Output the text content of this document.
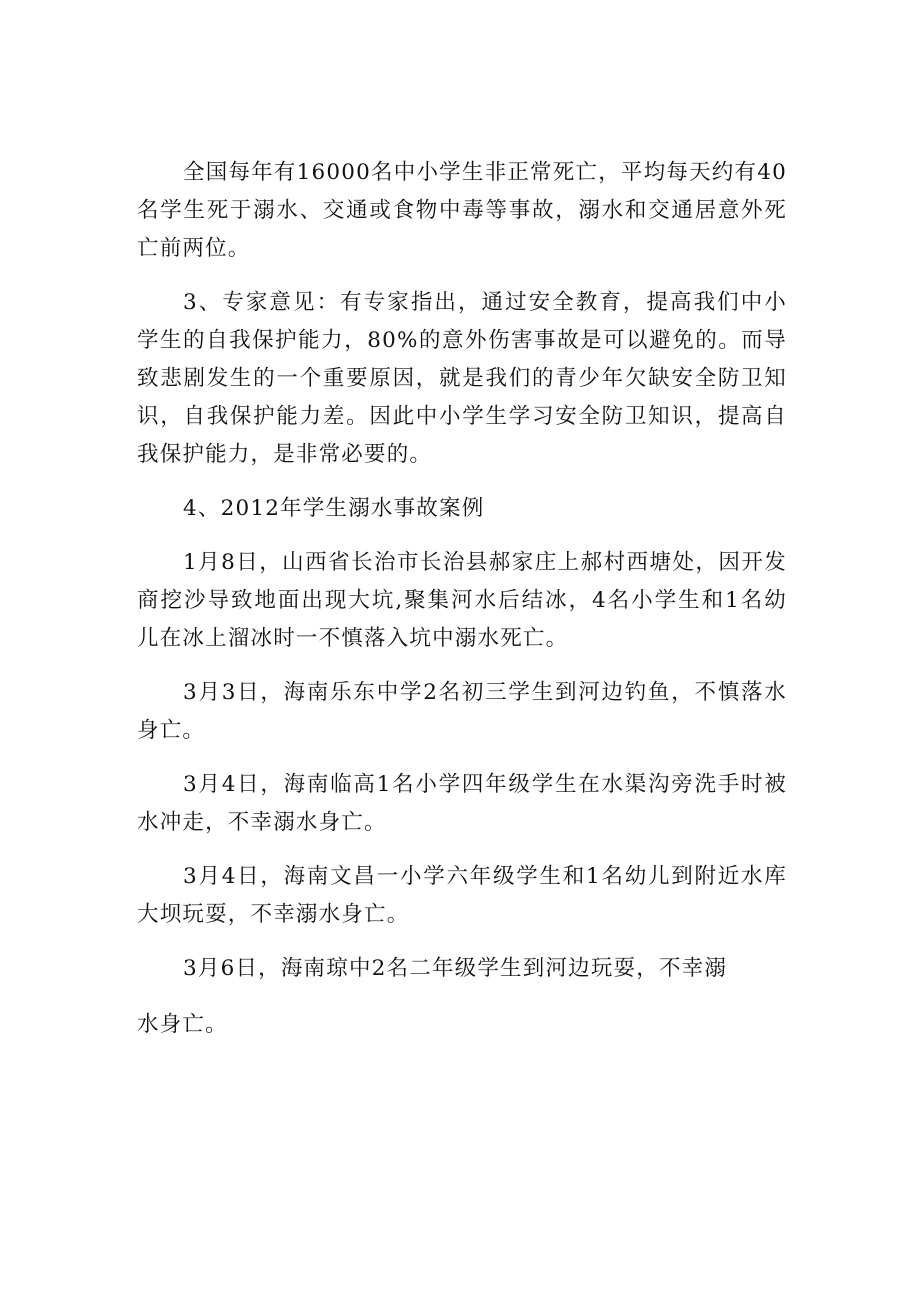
全国每年有16000名中小学生非正常死亡，平均每天约有40名学生死于溺水、交通或食物中毒等事故，溺水和交通居意外死亡前两位。

3、专家意见：有专家指出，通过安全教育，提高我们中小学生的自我保护能力，80%的意外伤害事故是可以避免的。而导致悲剧发生的一个重要原因，就是我们的青少年欠缺安全防卫知识，自我保护能力差。因此中小学生学习安全防卫知识，提高自我保护能力，是非常必要的。

4、2012年学生溺水事故案例

1月8日，山西省长治市长治县郝家庄上郝村西塘处，因开发商挖沙导致地面出现大坑,聚集河水后结冰，4名小学生和1名幼儿在冰上溜冰时一不慎落入坑中溺水死亡。

3月3日，海南乐东中学2名初三学生到河边钓鱼，不慎落水身亡。

3月4日，海南临高1名小学四年级学生在水渠沟旁洗手时被水冲走，不幸溺水身亡。

3月4日，海南文昌一小学六年级学生和1名幼儿到附近水库大坝玩耍，不幸溺水身亡。

3月6日，海南琼中2名二年级学生到河边玩耍，不幸溺
水身亡。
